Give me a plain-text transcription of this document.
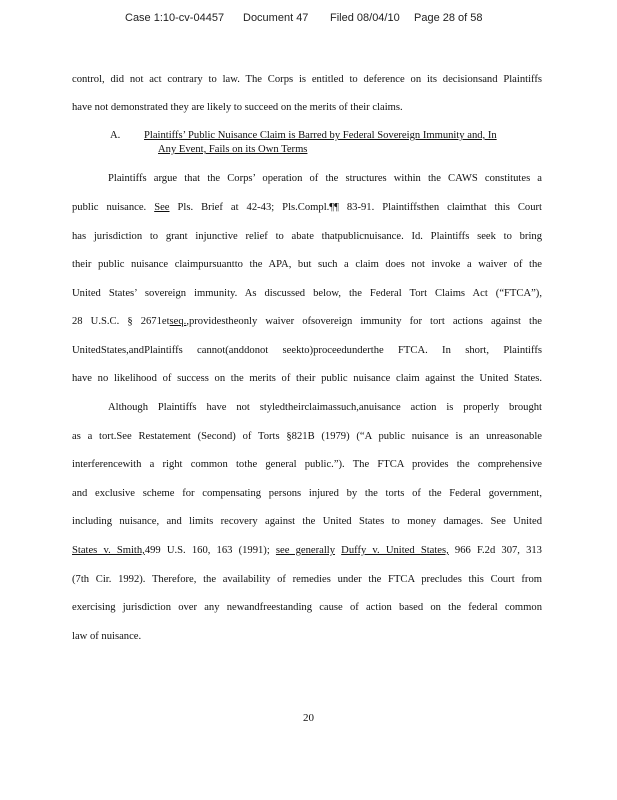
Case 1:10-cv-04457 Document 47 Filed 08/04/10 Page 28 of 58
control, did not act contrary to law. The Corps is entitled to deference on its decisionsand Plaintiffs
have not demonstrated they are likely to succeed on the merits of their claims.
A. Plaintiffs’ Public Nuisance Claim is Barred by Federal Sovereign Immunity and, In
Any Event, Fails on its Own Terms
Plaintiffs argue that the Corps’ operation of the structures within the CAWS constitutes a
public nuisance. See Pls. Brief at 42-43; Pls.Compl.¶¶ 83-91. Plaintiffsthen claimthat this Court
has jurisdiction to grant injunctive relief to abate thatpublicnuisance. Id. Plaintiffs seek to bring
their public nuisance claimpursuantto the APA, but such a claim does not invoke a waiver of the
United States’ sovereign immunity. As discussed below, the Federal Tort Claims Act (“FTCA”),
28 U.S.C. § 2671etseq.,providestheonly waiver ofsovereign immunity for tort actions against the
UnitedStates,andPlaintiffs cannot(anddonot seekto)proceedunderthe FTCA. In short, Plaintiffs
have no likelihood of success on the merits of their public nuisance claim against the United States.
Although Plaintiffs have not styledtheirclaimassuch,anuisance action is properly brought
as a tort.See Restatement (Second) of Torts §821B (1979) (“A public nuisance is an unreasonable
interferencewith a right common tothe general public.”). The FTCA provides the comprehensive
and exclusive scheme for compensating persons injured by the torts of the Federal government,
including nuisance, and limits recovery against the United States to money damages. See United
States v. Smith,499 U.S. 160, 163 (1991); see generally Duffy v. United States, 966 F.2d 307, 313
(7th Cir. 1992). Therefore, the availability of remedies under the FTCA precludes this Court from
exercising jurisdiction over any newandfreestanding cause of action based on the federal common
law of nuisance.
20
